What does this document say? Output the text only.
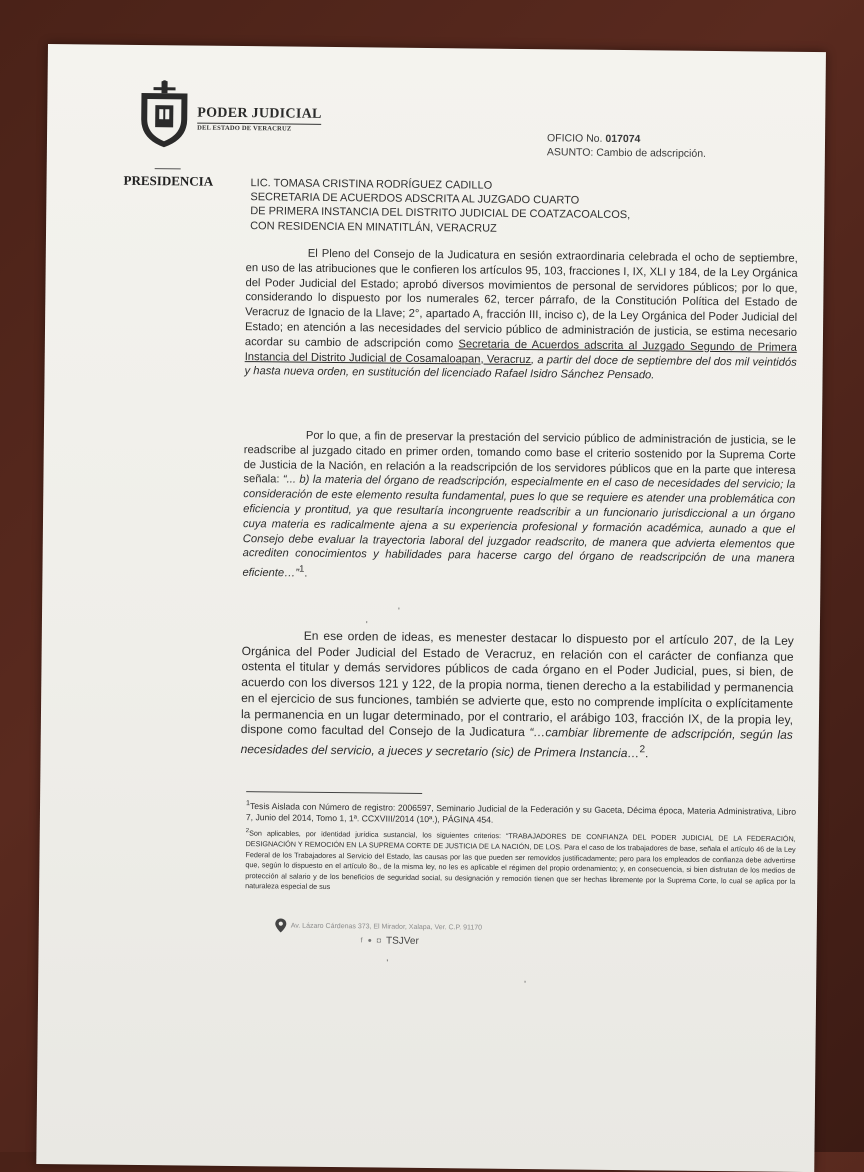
PODER JUDICIAL
DEL ESTADO DE VERACRUZ
OFICIO No. 017074
ASUNTO: Cambio de adscripción.
PRESIDENCIA	LIC. TOMASA CRISTINA RODRÍGUEZ CADILLO
SECRETARIA DE ACUERDOS ADSCRITA AL JUZGADO CUARTO
DE PRIMERA INSTANCIA DEL DISTRITO JUDICIAL DE COATZACOALCOS,
CON RESIDENCIA EN MINATITLÁN, VERACRUZ

El Pleno del Consejo de la Judicatura en sesión extraordinaria celebrada el ocho de septiembre, en uso de las atribuciones que le confieren los artículos 95, 103, fracciones I, IX, XLI y 184, de la Ley Orgánica del Poder Judicial del Estado; aprobó diversos movimientos de personal de servidores públicos; por lo que, considerando lo dispuesto por los numerales 62, tercer párrafo, de la Constitución Política del Estado de Veracruz de Ignacio de la Llave; 2°, apartado A, fracción III, inciso c), de la Ley Orgánica del Poder Judicial del Estado; en atención a las necesidades del servicio público de administración de justicia, se estima necesario acordar su cambio de adscripción como Secretaria de Acuerdos adscrita al Juzgado Segundo de Primera Instancia del Distrito Judicial de Cosamaloapan, Veracruz, a partir del doce de septiembre del dos mil veintidós y hasta nueva orden, en sustitución del licenciado Rafael Isidro Sánchez Pensado.

Por lo que, a fin de preservar la prestación del servicio público de administración de justicia, se le readscribe al juzgado citado en primer orden, tomando como base el criterio sostenido por la Suprema Corte de Justicia de la Nación, en relación a la readscripción de los servidores públicos que en la parte que interesa señala: “... b) la materia del órgano de readscripción, especialmente en el caso de necesidades del servicio; la consideración de este elemento resulta fundamental, pues lo que se requiere es atender una problemática con eficiencia y prontitud, ya que resultaría incongruente readscribir a un funcionario jurisdiccional a un órgano cuya materia es radicalmente ajena a su experiencia profesional y formación académica, aunado a que el Consejo debe evaluar la trayectoria laboral del juzgador readscrito, de manera que advierta elementos que acrediten conocimientos y habilidades para hacerse cargo del órgano de readscripción de una manera eficiente…”$^1$.

En ese orden de ideas, es menester destacar lo dispuesto por el artículo 207, de la Ley Orgánica del Poder Judicial del Estado de Veracruz, en relación con el carácter de confianza que ostenta el titular y demás servidores públicos de cada órgano en el Poder Judicial, pues, si bien, de acuerdo con los diversos 121 y 122, de la propia norma, tienen derecho a la estabilidad y permanencia en el ejercicio de sus funciones, también se advierte que, esto no comprende implícita o explícitamente la permanencia en un lugar determinado, por el contrario, el arábigo 103, fracción IX, de la propia ley, dispone como facultad del Consejo de la Judicatura “…cambiar libremente de adscripción, según las necesidades del servicio, a jueces y secretario (sic) de Primera Instancia…$^2$.

$^1$Tesis Aislada con Número de registro: 2006597, Seminario Judicial de la Federación y su Gaceta, Décima época, Materia Administrativa, Libro 7, Junio del 2014, Tomo 1, 1ª. CCXVIII/2014 (10ª.), PÁGINA 454.

$^2$Son aplicables, por identidad jurídica sustancial, los siguientes criterios: “TRABAJADORES DE CONFIANZA DEL PODER JUDICIAL DE LA FEDERACIÓN, DESIGNACIÓN Y REMOCIÓN EN LA SUPREMA CORTE DE JUSTICIA DE LA NACIÓN, DE LOS. Para el caso de los trabajadores de base, señala el artículo 46 de la Ley Federal de los Trabajadores al Servicio del Estado, las causas por las que pueden ser removidos justificadamente; pero para los empleados de confianza debe advertirse que, según lo dispuesto en el artículo 8o., de la misma ley, no les es aplicable el régimen del propio ordenamiento; y, en consecuencia, si bien disfrutan de los medios de protección al salario y de los beneficios de seguridad social, su designación y remoción tienen que ser hechas libremente por la Suprema Corte, lo cual se aplica por la naturaleza especial de sus

Av. Lázaro Cárdenas 373, El Mirador, Xalapa, Ver. C.P. 91170
f ● ◘ TSJVer
'
'
'
'
